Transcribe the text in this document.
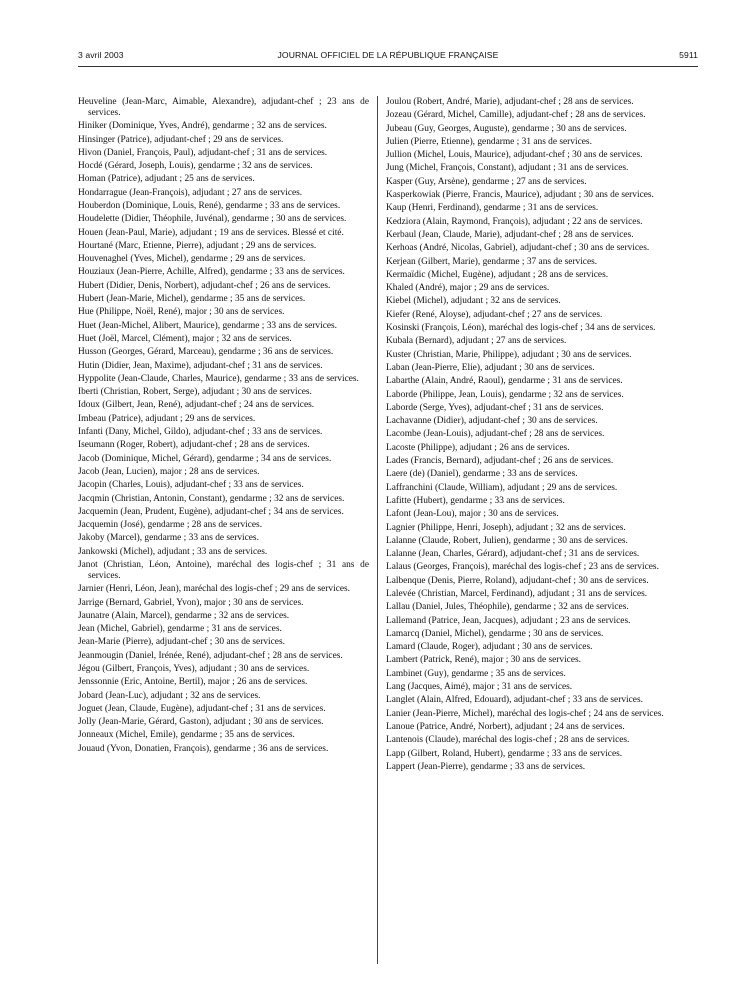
3 avril 2003	JOURNAL OFFICIEL DE LA RÉPUBLIQUE FRANÇAISE	5911

Heuveline (Jean-Marc, Aimable, Alexandre), adjudant-chef ; 23 ans de services.

Hiniker (Dominique, Yves, André), gendarme ; 32 ans de services.

Hinsinger (Patrice), adjudant-chef ; 29 ans de services.

Hivon (Daniel, François, Paul), adjudant-chef ; 31 ans de services.

Hocdé (Gérard, Joseph, Louis), gendarme ; 32 ans de services.

Homan (Patrice), adjudant ; 25 ans de services.

Hondarrague (Jean-François), adjudant ; 27 ans de services.

Houberdon (Dominique, Louis, René), gendarme ; 33 ans de services.

Houdelette (Didier, Théophile, Juvénal), gendarme ; 30 ans de services.

Houen (Jean-Paul, Marie), adjudant ; 19 ans de services. Blessé et cité.

Hourtané (Marc, Etienne, Pierre), adjudant ; 29 ans de services.

Houvenaghel (Yves, Michel), gendarme ; 29 ans de services.

Houziaux (Jean-Pierre, Achille, Alfred), gendarme ; 33 ans de services.

Hubert (Didier, Denis, Norbert), adjudant-chef ; 26 ans de services.

Hubert (Jean-Marie, Michel), gendarme ; 35 ans de services.

Hue (Philippe, Noël, René), major ; 30 ans de services.

Huet (Jean-Michel, Alibert, Maurice), gendarme ; 33 ans de services.

Huet (Joël, Marcel, Clément), major ; 32 ans de services.

Husson (Georges, Gérard, Marceau), gendarme ; 36 ans de services.

Hutin (Didier, Jean, Maxime), adjudant-chef ; 31 ans de services.

Hyppolite (Jean-Claude, Charles, Maurice), gendarme ; 33 ans de services.

Iberti (Christian, Robert, Serge), adjudant ; 30 ans de services.

Idoux (Gilbert, Jean, René), adjudant-chef ; 24 ans de services.

Imbeau (Patrice), adjudant ; 29 ans de services.

Infanti (Dany, Michel, Gildo), adjudant-chef ; 33 ans de services.

Iseumann (Roger, Robert), adjudant-chef ; 28 ans de services.

Jacob (Dominique, Michel, Gérard), gendarme ; 34 ans de services.

Jacob (Jean, Lucien), major ; 28 ans de services.

Jacopin (Charles, Louis), adjudant-chef ; 33 ans de services.

Jacqmin (Christian, Antonin, Constant), gendarme ; 32 ans de services.

Jacquemin (Jean, Prudent, Eugène), adjudant-chef ; 34 ans de services.

Jacquemin (José), gendarme ; 28 ans de services.

Jakoby (Marcel), gendarme ; 33 ans de services.

Jankowski (Michel), adjudant ; 33 ans de services.

Janot (Christian, Léon, Antoine), maréchal des logis-chef ; 31 ans de services.

Jarnier (Henri, Léon, Jean), maréchal des logis-chef ; 29 ans de services.

Jarrige (Bernard, Gabriel, Yvon), major ; 30 ans de services.

Jaunatre (Alain, Marcel), gendarme ; 32 ans de services.

Jean (Michel, Gabriel), gendarme ; 31 ans de services.

Jean-Marie (Pierre), adjudant-chef ; 30 ans de services.

Jeanmougin (Daniel, Irénée, René), adjudant-chef ; 28 ans de services.

Jégou (Gilbert, François, Yves), adjudant ; 30 ans de services.

Jenssonnie (Eric, Antoine, Bertil), major ; 26 ans de services.

Jobard (Jean-Luc), adjudant ; 32 ans de services.

Joguet (Jean, Claude, Eugène), adjudant-chef ; 31 ans de services.

Jolly (Jean-Marie, Gérard, Gaston), adjudant ; 30 ans de services.

Jonneaux (Michel, Emile), gendarme ; 35 ans de services.

Jouaud (Yvon, Donatien, François), gendarme ; 36 ans de services.

Joulou (Robert, André, Marie), adjudant-chef ; 28 ans de services.

Jozeau (Gérard, Michel, Camille), adjudant-chef ; 28 ans de services.

Jubeau (Guy, Georges, Auguste), gendarme ; 30 ans de services.

Julien (Pierre, Etienne), gendarme ; 31 ans de services.

Jullion (Michel, Louis, Maurice), adjudant-chef ; 30 ans de services.

Jung (Michel, François, Constant), adjudant ; 31 ans de services.

Kasper (Guy, Arsène), gendarme ; 27 ans de services.

Kasperkowiak (Pierre, Francis, Maurice), adjudant ; 30 ans de services.

Kaup (Henri, Ferdinand), gendarme ; 31 ans de services.

Kedziora (Alain, Raymond, François), adjudant ; 22 ans de services.

Kerbaul (Jean, Claude, Marie), adjudant-chef ; 28 ans de services.

Kerhoas (André, Nicolas, Gabriel), adjudant-chef ; 30 ans de services.

Kerjean (Gilbert, Marie), gendarme ; 37 ans de services.

Kermaïdic (Michel, Eugène), adjudant ; 28 ans de services.

Khaled (André), major ; 29 ans de services.

Kiebel (Michel), adjudant ; 32 ans de services.

Kiefer (René, Aloyse), adjudant-chef ; 27 ans de services.

Kosinski (François, Léon), maréchal des logis-chef ; 34 ans de services.

Kubala (Bernard), adjudant ; 27 ans de services.

Kuster (Christian, Marie, Philippe), adjudant ; 30 ans de services.

Laban (Jean-Pierre, Elie), adjudant ; 30 ans de services.

Labarthe (Alain, André, Raoul), gendarme ; 31 ans de services.

Laborde (Philippe, Jean, Louis), gendarme ; 32 ans de services.

Laborde (Serge, Yves), adjudant-chef ; 31 ans de services.

Lachavanne (Didier), adjudant-chef ; 30 ans de services.

Lacombe (Jean-Louis), adjudant-chef ; 28 ans de services.

Lacoste (Philippe), adjudant ; 26 ans de services.

Lades (Francis, Bernard), adjudant-chef ; 26 ans de services.

Laere (de) (Daniel), gendarme ; 33 ans de services.

Laffranchini (Claude, William), adjudant ; 29 ans de services.

Lafitte (Hubert), gendarme ; 33 ans de services.

Lafont (Jean-Lou), major ; 30 ans de services.

Lagnier (Philippe, Henri, Joseph), adjudant ; 32 ans de services.

Lalanne (Claude, Robert, Julien), gendarme ; 30 ans de services.

Lalanne (Jean, Charles, Gérard), adjudant-chef ; 31 ans de services.

Lalaus (Georges, François), maréchal des logis-chef ; 23 ans de services.

Lalbenque (Denis, Pierre, Roland), adjudant-chef ; 30 ans de services.

Lalevée (Christian, Marcel, Ferdinand), adjudant ; 31 ans de services.

Lallau (Daniel, Jules, Théophile), gendarme ; 32 ans de services.

Lallemand (Patrice, Jean, Jacques), adjudant ; 23 ans de services.

Lamarcq (Daniel, Michel), gendarme ; 30 ans de services.

Lamard (Claude, Roger), adjudant ; 30 ans de services.

Lambert (Patrick, René), major ; 30 ans de services.

Lambinet (Guy), gendarme ; 35 ans de services.

Lang (Jacques, Aimé), major ; 31 ans de services.

Langlet (Alain, Alfred, Edouard), adjudant-chef ; 33 ans de services.

Lanier (Jean-Pierre, Michel), maréchal des logis-chef ; 24 ans de services.

Lanoue (Patrice, André, Norbert), adjudant ; 24 ans de services.

Lantenois (Claude), maréchal des logis-chef ; 28 ans de services.

Lapp (Gilbert, Roland, Hubert), gendarme ; 33 ans de services.

Lappert (Jean-Pierre), gendarme ; 33 ans de services.
